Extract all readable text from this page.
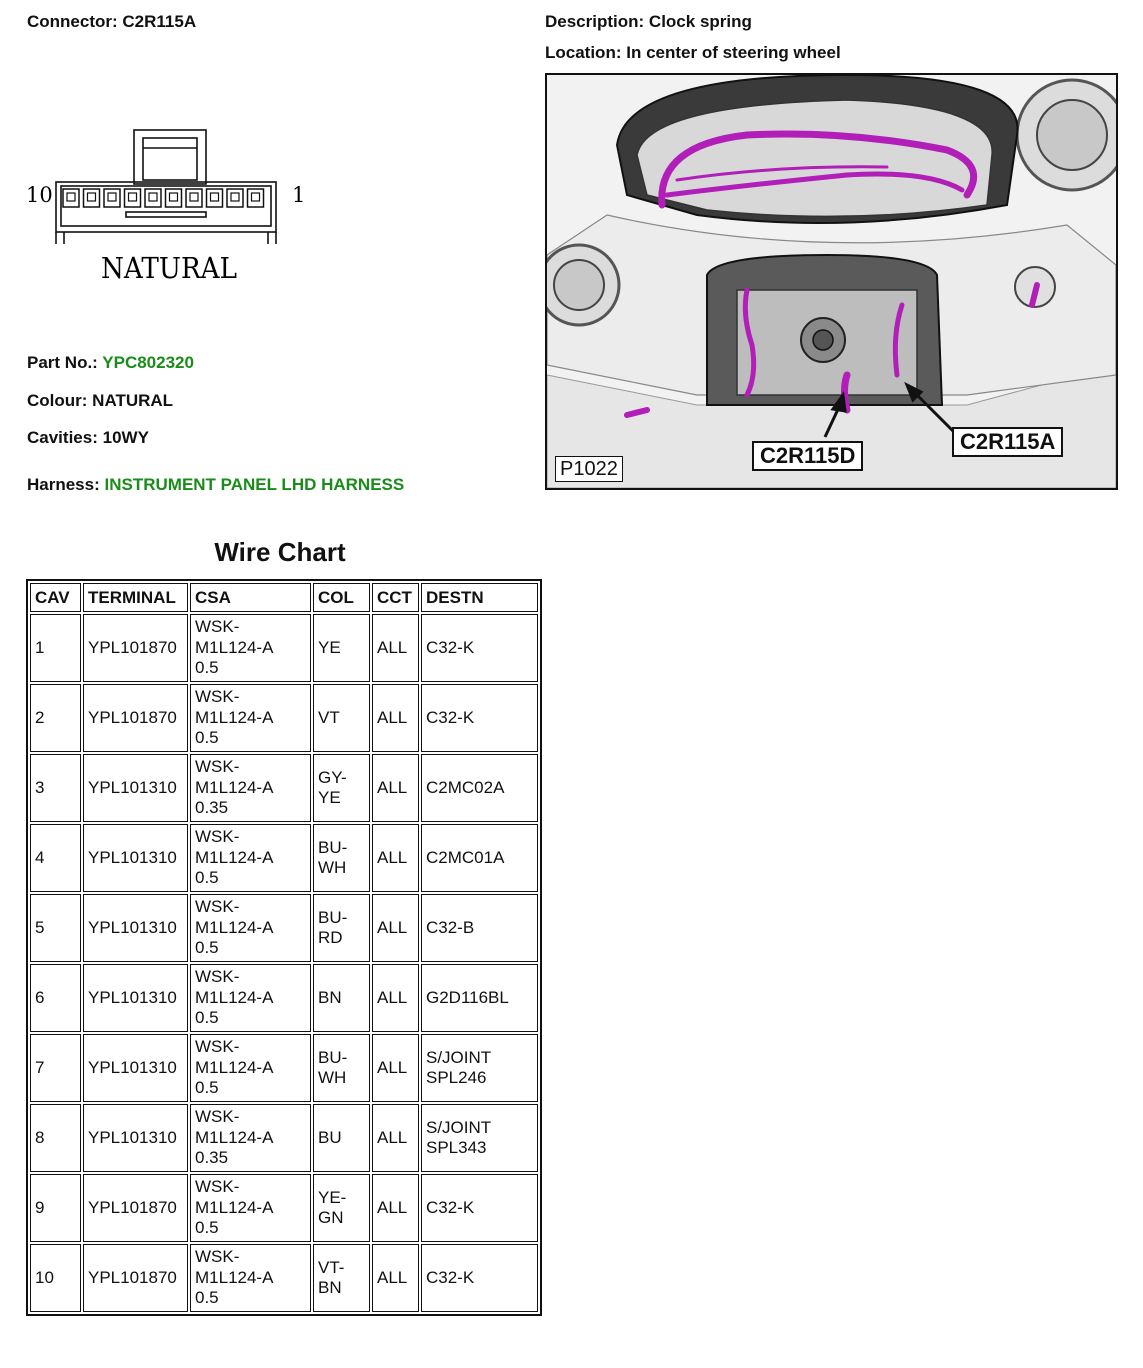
Connector: C2R115A	Description: Clock spring
Location: In center of steering wheel
10	1
NATURAL
Part No.: YPC802320
Colour: NATURAL
Cavities: 10WY
Harness: INSTRUMENT PANEL LHD HARNESS
C2R115D
C2R115A
P1022
Wire Chart
CAV	TERMINAL	CSA	COL	CCT	DESTN
1	YPL101870	WSK-
M1L124-A
0.5	YE	ALL	C32-K
2	YPL101870	WSK-
M1L124-A
0.5	VT	ALL	C32-K
3	YPL101310	WSK-
M1L124-A
0.35	GY-
YE	ALL	C2MC02A
4	YPL101310	WSK-
M1L124-A
0.5	BU-
WH	ALL	C2MC01A
5	YPL101310	WSK-
M1L124-A
0.5	BU-
RD	ALL	C32-B
6	YPL101310	WSK-
M1L124-A
0.5	BN	ALL	G2D116BL
7	YPL101310	WSK-
M1L124-A
0.5	BU-
WH	ALL	S/JOINT
SPL246
8	YPL101310	WSK-
M1L124-A
0.35	BU	ALL	S/JOINT
SPL343
9	YPL101870	WSK-
M1L124-A
0.5	YE-
GN	ALL	C32-K
10	YPL101870	WSK-
M1L124-A
0.5	VT-
BN	ALL	C32-K
